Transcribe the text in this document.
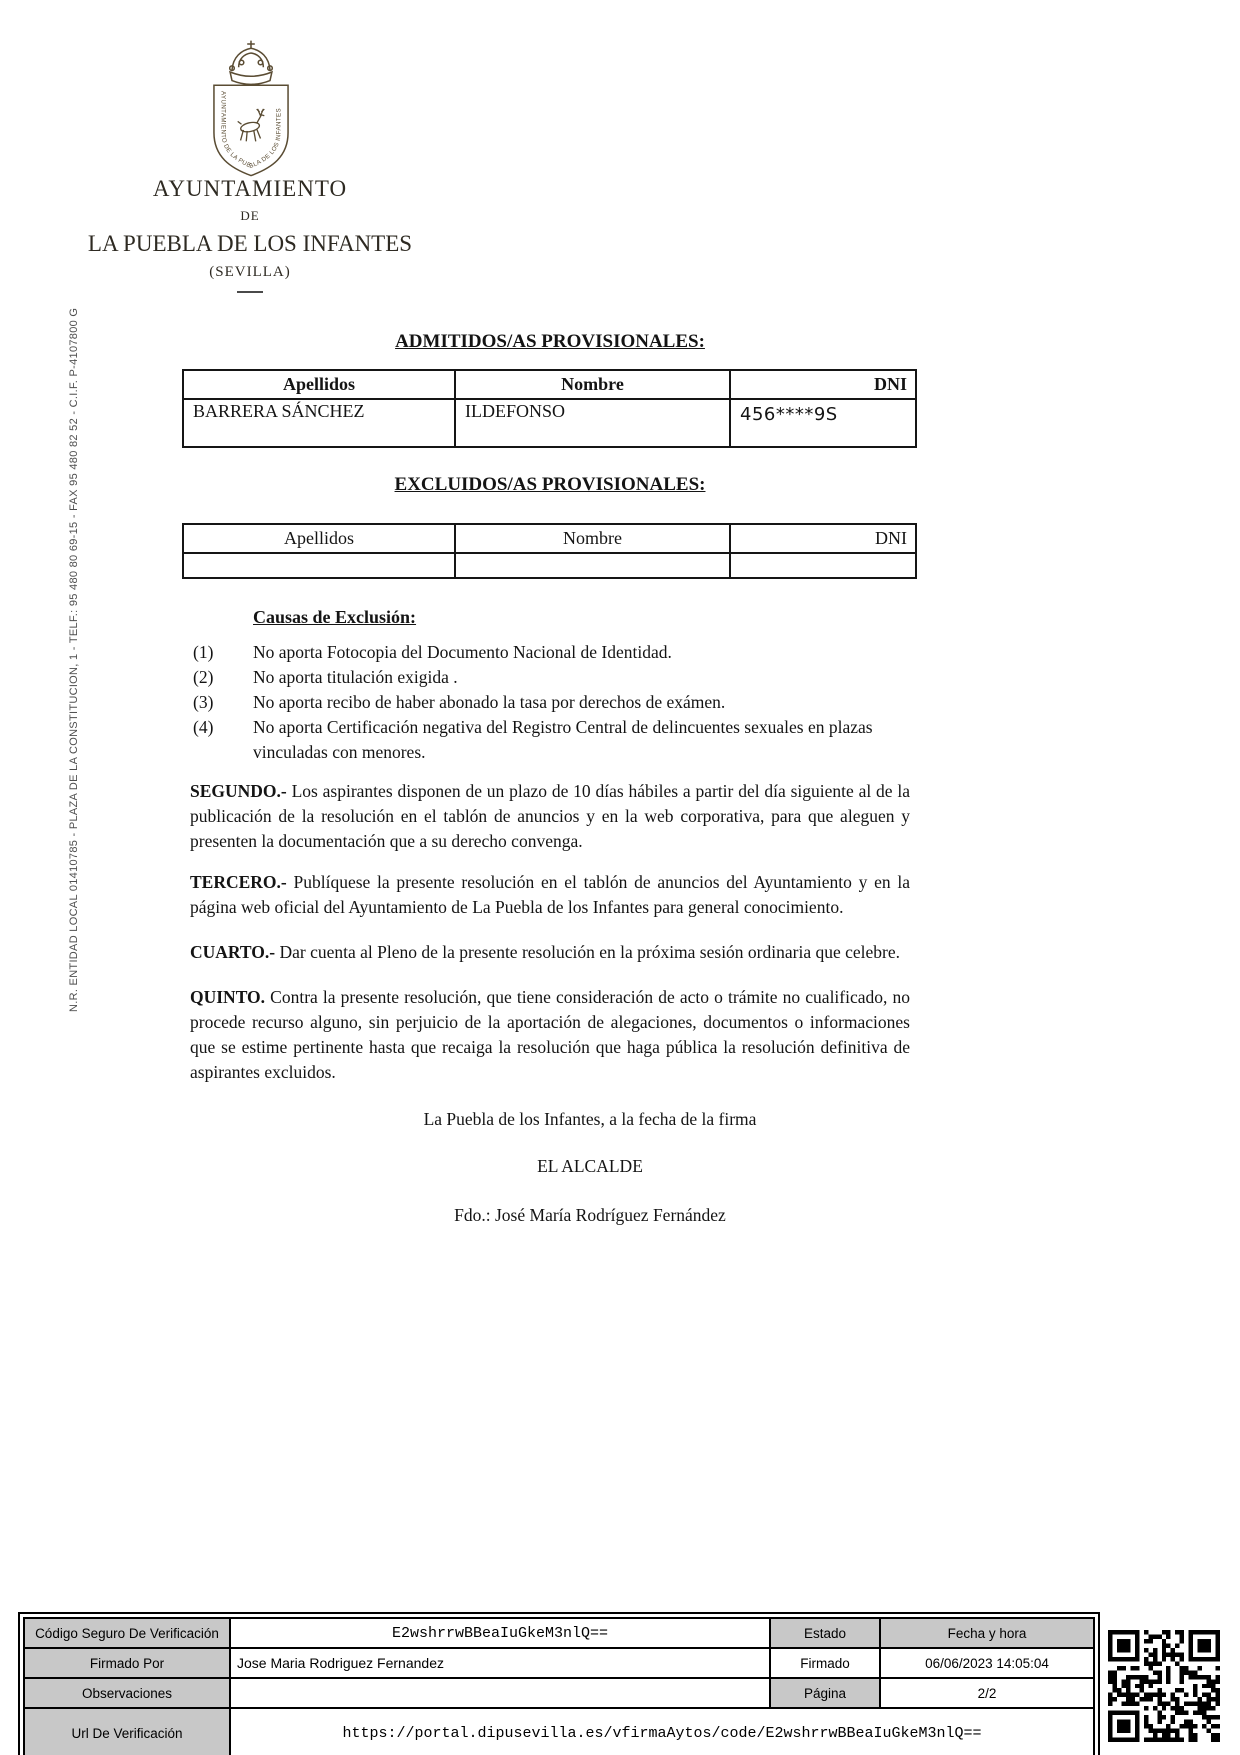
AYUNTAMIENTO DE LA PUEBLA DE LOS INFANTES
AYUNTAMIENTO
DE
LA PUEBLA DE LOS INFANTES
(SEVILLA)
N.R. ENTIDAD LOCAL 01410785 - PLAZA DE LA CONSTITUCION, 1 - TELF.: 95 480 80 69-15 - FAX 95 480 82 52 - C.I.F. P-4107800 G	ADMITIDOS/AS PROVISIONALES:
Apellidos	Nombre	DNI
BARRERA SÁNCHEZ	ILDEFONSO	456****9S
EXCLUIDOS/AS PROVISIONALES:
Apellidos	Nombre	DNI

Causas de Exclusión:
(1)	No aporta Fotocopia del Documento Nacional de Identidad.
(2)	No aporta titulación exigida .
(3)	No aporta recibo de haber abonado la tasa por derechos de exámen.
(4)	No aporta Certificación negativa del Registro Central de delincuentes sexuales en plazas vinculadas con menores.

SEGUNDO.- Los aspirantes disponen de un plazo de 10 días hábiles a partir del día siguiente al de la publicación de la resolución en el tablón de anuncios y en la web corporativa, para que aleguen y presenten la documentación que a su derecho convenga.

TERCERO.- Publíquese la presente resolución en el tablón de anuncios del Ayuntamiento y en la página web oficial del Ayuntamiento de La Puebla de los Infantes para general conocimiento.

CUARTO.- Dar cuenta al Pleno de la presente resolución en la próxima sesión ordinaria que celebre.

QUINTO. Contra la presente resolución, que tiene consideración de acto o trámite no cualificado, no procede recurso alguno, sin perjuicio de la aportación de alegaciones, documentos o informaciones que se estime pertinente hasta que recaiga la resolución que haga pública la resolución definitiva de aspirantes excluidos.

La Puebla de los Infantes, a la fecha de la firma
EL ALCALDE
Fdo.: José María Rodríguez Fernández
Código Seguro De Verificación	E2wshrrwBBeaIuGkeM3nlQ==	Estado	Fecha y hora
Firmado Por	Jose Maria Rodriguez Fernandez	Firmado	06/06/2023 14:05:04
Observaciones		Página	2/2
Url De Verificación	https://portal.dipusevilla.es/vfirmaAytos/code/E2wshrrwBBeaIuGkeM3nlQ==		
